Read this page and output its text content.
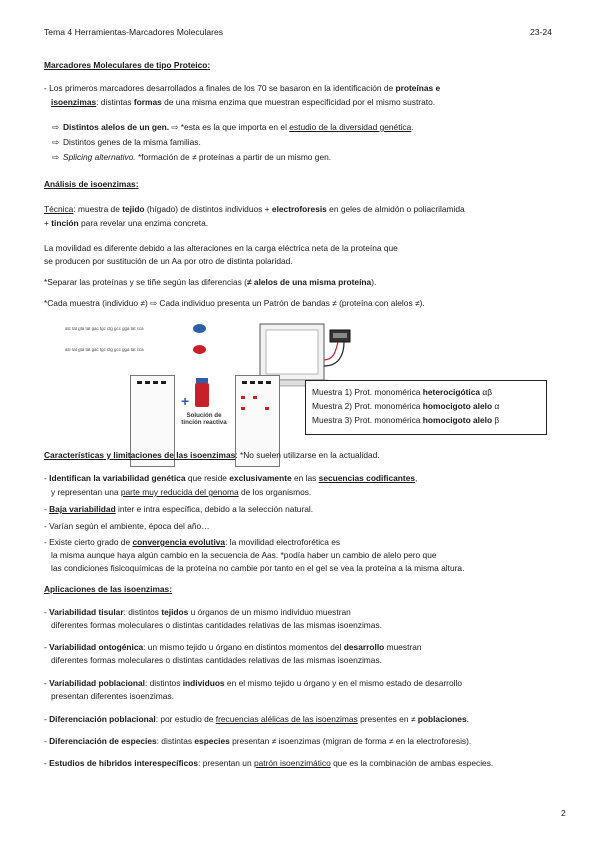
Tema 4 Herramientas-Marcadores Moleculares	23-24
Marcadores Moleculares de tipo Proteico:
- Los primeros marcadores desarrollados a finales de los 70 se basaron en la identificación de proteínas e
isoenzimas: distintas formas de una misma enzima que muestran especificidad por el mismo sustrato.
⇨ Distintos alelos de un gen. ⇨ *esta es la que importa en el estudio de la diversidad genética.
⇨ Distintos genes de la misma familias.
⇨ Splicing alternativo. *formación de ≠ proteínas a partir de un mismo gen.
Análisis de isoenzimas:
Técnica: muestra de tejido (hígado) de distintos individuos + electroforesis en geles de almidón o poliacrilamida
+ tinción para revelar una enzima concreta.
La movilidad es diferente debido a las alteraciones en la carga eléctrica neta de la proteína que
se producen por sustitución de un Aa por otro de distinta polaridad.
*Separar las proteínas y se tiñe según las diferencias (≠ alelos de una misma proteína).
*Cada muestra (individuo ≠) ⇨ Cada individuo presenta un Patrón de bandas ≠ (proteína con alelos ≠).
atc tat gta tat gac tgc ctg gcc gga tat cca
atc tat gta tat gac tgc ctg gcc gga tat cca
+
Solución de
tinción reactiva
Muestra 1) Prot. monomérica heterocigótica αβ
Muestra 2) Prot. monomérica homocigoto alelo α
Muestra 3) Prot. monomérica homocigoto alelo β
Características y limitaciones de las isoenzimas: *No suelen utilizarse en la actualidad.
- Identifican la variabilidad genética que reside exclusivamente en las secuencias codificantes,
y representan una parte muy reducida del genoma de los organismos.
- Baja variabilidad inter e intra específica, debido a la selección natural.
- Varían según el ambiente, época del año…
- Existe cierto grado de convergencia evolutiva: la movilidad electroforética es
la misma aunque haya algún cambio en la secuencia de Aas. *podía haber un cambio de alelo pero que
las condiciones fisicoquímicas de la proteína no cambie por tanto en el gel se vea la proteína a la misma altura.
Aplicaciones de las isoenzimas:
- Variabilidad tisular: distintos tejidos u órganos de un mismo individuo muestran
diferentes formas moleculares o distintas cantidades relativas de las mismas isoenzimas.
- Variabilidad ontogénica: un mismo tejido u órgano en distintos momentos del desarrollo muestran
diferentes formas moleculares o distintas cantidades relativas de las mismas isoenzimas.
- Variabilidad poblacional: distintos individuos en el mismo tejido u órgano y en el mismo estado de desarrollo
presentan diferentes isoenzimas.
- Diferenciación poblacional: por estudio de frecuencias alélicas de las isoenzimas presentes en ≠ poblaciones.
- Diferenciación de especies: distintas especies presentan ≠ isoenzimas (migran de forma ≠ en la electroforesis).
- Estudios de híbridos interespecíficos: presentan un patrón isoenzimático que es la combinación de ambas especies.
2
